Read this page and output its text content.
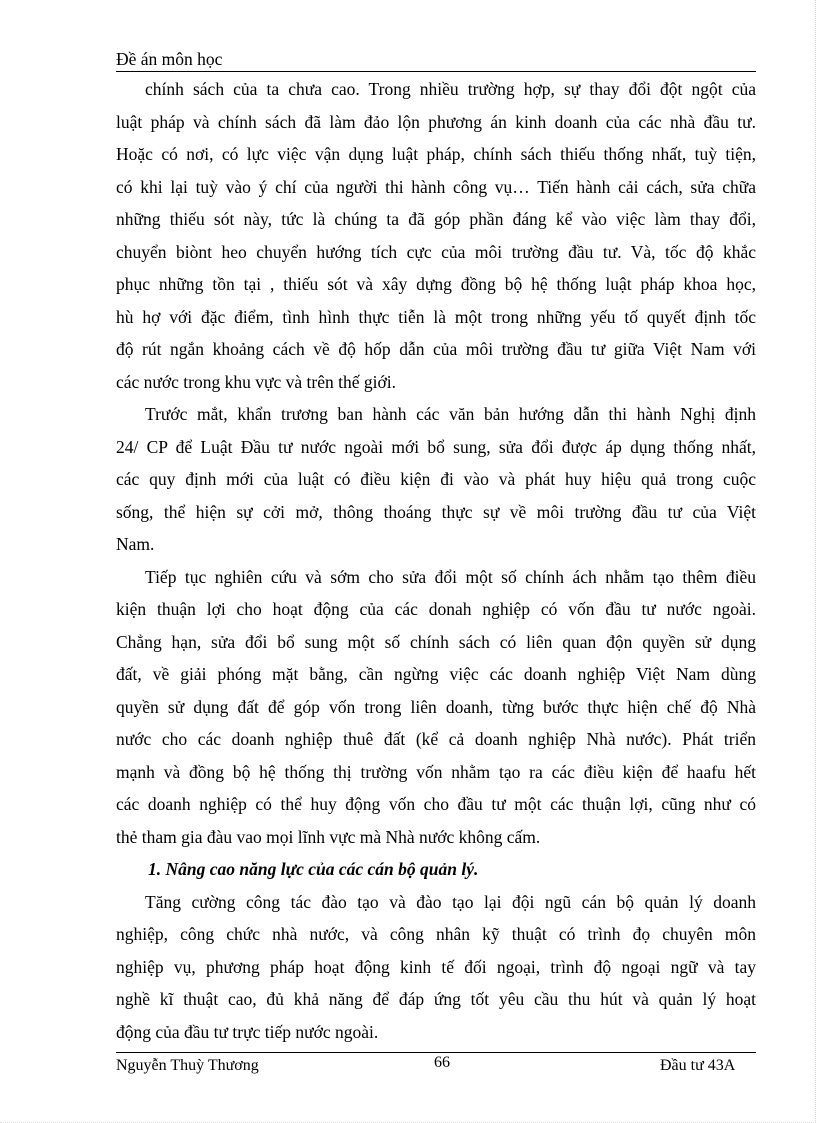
Đề án môn học
chính sách của ta chưa cao. Trong nhiều trường hợp, sự thay đổi đột ngột của
luật pháp và chính sách đã làm đảo lộn phương án kinh doanh của các nhà đầu tư.
Hoặc có nơi, có lực việc vận dụng luật pháp, chính sách thiếu thống nhất, tuỳ tiện,
có khi lại tuỳ vào ý chí của người thi hành công vụ… Tiến hành cải cách, sửa chữa
những thiếu sót này, tức là chúng ta đã góp phần đáng kể vào việc làm thay đổi,
chuyển biònt heo chuyển hướng tích cực của môi trường đầu tư. Và, tốc độ khắc
phục những tồn tại , thiếu sót và xây dựng đồng bộ hệ thống luật pháp khoa học,
hù hợ với đặc điểm, tình hình thực tiễn là một trong những yếu tố quyết định tốc
độ rút ngắn khoảng cách về độ hốp dẫn của môi trường đầu tư giữa Việt Nam với
các nước trong khu vực và trên thế giới.
Trước mắt, khẩn trương ban hành các văn bản hướng dẫn thi hành Nghị định
24/ CP để Luật Đầu tư nước ngoài mới bổ sung, sửa đổi được áp dụng thống nhất,
các quy định mới của luật có điều kiện đi vào và phát huy hiệu quả trong cuộc
sống, thể hiện sự cởi mở, thông thoáng thực sự về môi trường đầu tư của Việt
Nam.
Tiếp tục nghiên cứu và sớm cho sửa đổi một số chính ách nhằm tạo thêm điều
kiện thuận lợi cho hoạt động của các donah nghiệp có vốn đầu tư nước ngoài.
Chẳng hạn, sửa đổi bổ sung một số chính sách có liên quan độn quyền sử dụng
đất, về giải phóng mặt bằng, cần ngừng việc các doanh nghiệp Việt Nam dùng
quyền sử dụng đất để góp vốn trong liên doanh, từng bước thực hiện chế độ Nhà
nước cho các doanh nghiệp thuê đất (kể cả doanh nghiệp Nhà nước). Phát triển
mạnh và đồng bộ hệ thống thị trường vốn nhằm tạo ra các điều kiện để haafu hết
các doanh nghiệp có thể huy động vốn cho đầu tư một các thuận lợi, cũng như có
thẻ tham gia đàu vao mọi lĩnh vực mà Nhà nước không cấm.
1. Nâng cao năng lực của các cán bộ quản lý.
Tăng cường công tác đào tạo và đào tạo lại đội ngũ cán bộ quản lý doanh
nghiệp, công chức nhà nước, và công nhân kỹ thuật có trình đọ chuyên môn
nghiệp vụ, phương pháp hoạt động kinh tế đối ngoại, trình độ ngoại ngữ và tay
nghề kĩ thuật cao, đủ khả năng để đáp ứng tốt yêu cầu thu hút và quản lý hoạt
động của đầu tư trực tiếp nước ngoài.
Nguyễn Thuỳ Thương	66	Đầu tư 43A
